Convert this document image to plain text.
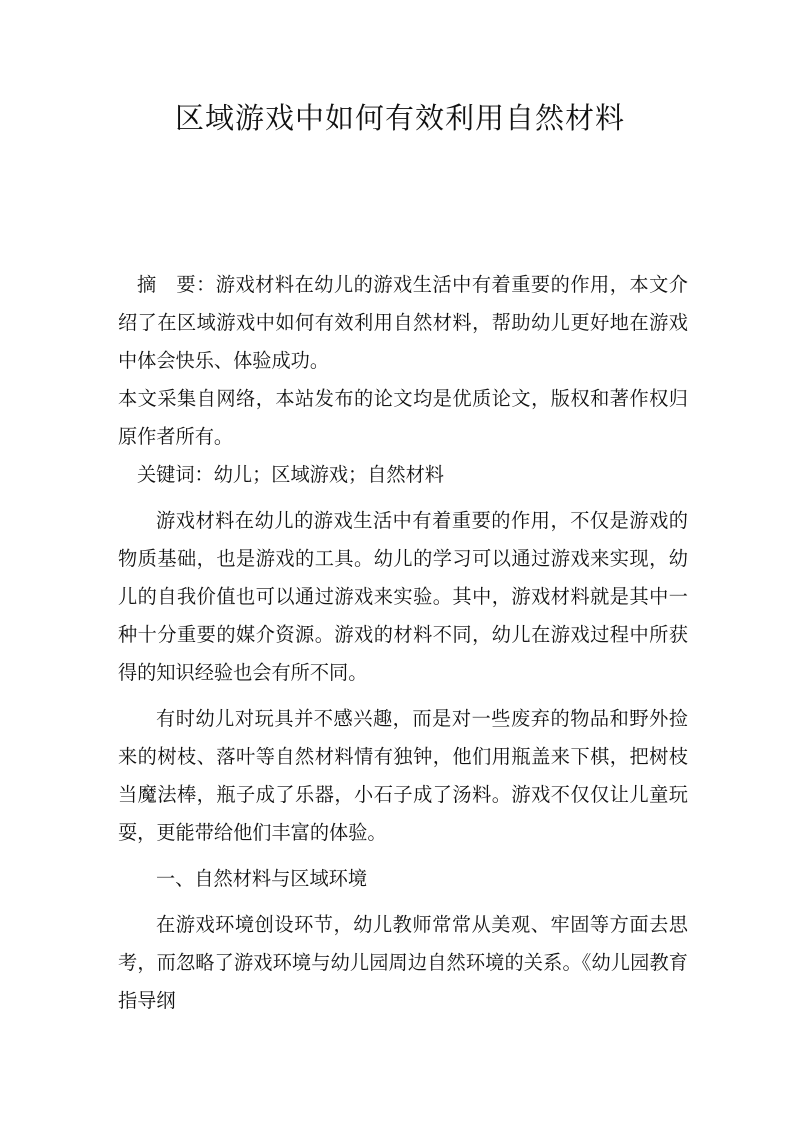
区域游戏中如何有效利用自然材料

摘　要：游戏材料在幼儿的游戏生活中有着重要的作用，本文介绍了在区域游戏中如何有效利用自然材料，帮助幼儿更好地在游戏中体会快乐、体验成功。

本文采集自网络，本站发布的论文均是优质论文，版权和著作权归原作者所有。

关键词：幼儿；区域游戏；自然材料

游戏材料在幼儿的游戏生活中有着重要的作用，不仅是游戏的物质基础，也是游戏的工具。幼儿的学习可以通过游戏来实现，幼儿的自我价值也可以通过游戏来实验。其中，游戏材料就是其中一种十分重要的媒介资源。游戏的材料不同，幼儿在游戏过程中所获得的知识经验也会有所不同。

有时幼儿对玩具并不感兴趣，而是对一些废弃的物品和野外捡来的树枝、落叶等自然材料情有独钟，他们用瓶盖来下棋，把树枝当魔法棒，瓶子成了乐器，小石子成了汤料。游戏不仅仅让儿童玩耍，更能带给他们丰富的体验。

一、自然材料与区域环境

在游戏环境创设环节，幼儿教师常常从美观、牢固等方面去思考，而忽略了游戏环境与幼儿园周边自然环境的关系。《幼儿园教育指导纲
